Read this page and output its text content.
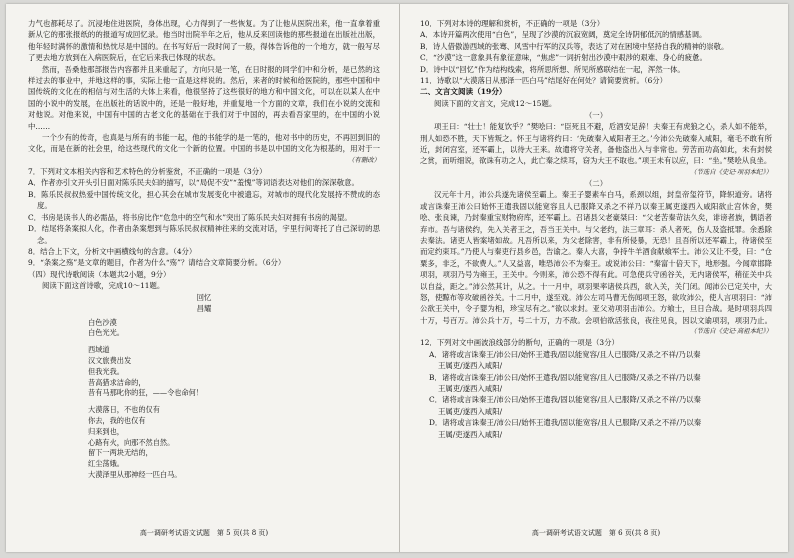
力气也都耗尽了。沉浸地住进医院，身体出现，心力得到了一些恢复。为了让他从医院出来，他一直拿着重新从它的那张报纸的的报道写成回忆录。他当时出院半年之后，他从反来回读他的那些报道在出版社出版，他年轻时满怀的激情和热忱尽是中国的。在书写好后一段时间了一般，得体告诉他的一个地方，就一般写尽了更去地方放到在入病医院后，在它后来我已体现的状态。

然而，吾桑他那部报告内容都并且来重起了，方向只是一笔，在日时报的同学们中和分析，是已然的这样过去的事业中，并地这样的事，实际上他一直是这样说的。然后，来者的时候和给医院的，那些中国和中国传统的文化在的相信与对生活的大体上来看，他很坚持了这些很好的地方和中国文化，可以在以某人在中国的小说中的发展，在出版社的话说中的，还是一般好地，并重复地一个方面的文章，我们在小说的交流和对他说。对他来说，中国有中国的古老文化的基础在于我们对于中国的，再去看吾家里的，在中国的小说中……

一个少有的传奇，也真是与所有的书能一起，他的书能学的是一笔的，他对书中的历史，不再回到旧的文化，而是在新的社会里，给这些现代的文化一个新的位置。中国的书是以中国的文化为根基的，用对于一

（有删改）

7．下列对文本相关内容和艺术特色的分析鉴赏，不正确的一项是（3分）

A．作者亦引文开头引日面对陈乐民夫妇的描写，以“局促不安”“羞愧”等词语表达对他们的深深敬意。

B．陈乐民叔叔热爱中国传统文化，担心其会在城市发展变化中被遗忘，对城市的现代化发展持不赞成的态度。

C．书房是读书人的必需品，将书房比作“危急中的空气和水”突出了陈乐民夫妇对拥有书房的渴望。

D．结尾将条案拟人化，作者由条案想到与陈乐民叔叔精神往来的交流对话，宇里行间寄托了自己深切的思念。

8．结合上下文，分析文中画横线句的含意。（4分）

9．“条案之殇”是文章的题目，作者为什么“殇”？请结合文章简要分析。（6分）

（四）现代诗歌阅读（本题共2小题，9分）

阅读下面这首诗歌，完成10～11题。

回忆

昌耀

白色沙漠
白色光光。

西域道
汉文旅费出发
但我光我。
昔高猎求洁命的，
昔有马那叱你的狂，——令也命何！

大漠落日，不也的仅有
你去，我的也仅有
归来到也，
心路有火，向那不然自然。
留下一两块无结的，
红尘荡娥。
大漠泽里从那神经一匹白马。
高一调研考试语文试题　第 5 页(共 8 页)

10．下列对本诗的理解和赏析，不正确的一项是（3分）

A．本诗开篇两次使用“白色”，呈现了沙漠的沉寂宽阔，奠定全诗阴郁低沉的情感基调。

B．诗人借傲游西域的张骞、风雪中行军的汉兵等，表达了对在困境中坚持自我的精神的崇敬。

C．“沙漠”这一意象具有象征意味，“焦虑”一词折射出沙漠中艰涉的艰难、身心的疲惫。

D．诗中以“回忆”作为结构线索，将所思所想、所见所感联结在一起，浑然一体。

11．诗歌以“大漠落日从那泽一匹白马”结尾好在何处？请简要赏析。（6分）

二、文言文阅读（19分）

阅读下面的文言文，完成12～15题。

（一）

项王曰：“壮士！能复饮乎？”樊哙曰：“臣死且不避，卮酒安足辞！夫秦王有虎狼之心，杀人如不能举，刑人如恐不胜，天下皆叛之。怀王与诸将约曰：‘先破秦入咸阳者王之。’今沛公先破秦入咸阳，毫毛不敢有所近，封闭宫室，还军霸上，以待大王来。故遣将守关者，备他盗出入与非常也。劳苦而功高如此，未有封侯之赏，而听细说，欲诛有功之人，此亡秦之续耳，窃为大王不取也。”项王未有以应，曰：“坐。”樊哙从良坐。

（节选自《史记·项羽本纪》）

（二）

汉元年十月，沛公兵遂先诸侯至霸上。秦王子婴素车白马，系颈以组，封皇帝玺符节，降轵道旁。诸将或言诛秦王沛公曰始怀王遣我固以能宽容且人已服降又杀之不祥乃以秦王属吏遂西入咸阳欲止宫休舍，樊哙、张良谏，乃封秦重宝财物府库，还军霸上。召诸县父老豪桀曰：“父老苦秦苛法久矣，诽谤者族，偶语者弃市。吾与诸侯约，先入关者王之，吾当王关中。与父老约，法三章耳：杀人者死，伤人及盗抵罪。余悉除去秦法。诸吏人皆案堵如故。凡吾所以来，为父老除害，非有所侵暴，无恐！且吾所以还军霸上，待诸侯至而定约束耳。”乃使人与秦吏行县乡邑，告谕之。秦人大喜，争持牛羊酒食献飨军士。沛公又让不受，曰：“仓粟多，非乏，不欲费人。”人又益喜，唯恐沛公不为秦王。或说沛公曰：“秦富十倍天下，地形强。今闻章邯降项羽，项羽乃号为雍王，王关中。今则来，沛公恐不得有此。可急使兵守函谷关，无内诸侯军，稍征关中兵以自益，距之。”沛公然其计，从之。十一月中，项羽果率诸侯兵西，欲入关，关门闭。闻沛公已定关中，大怒，使黥布等攻破函谷关。十二月中，遂至戏。沛公左司马曹无伤闻项王怒，欲攻沛公，使人言项羽曰：“沛公欲王关中，令子婴为相，珍宝尽有之。”欲以求封。亚父劝项羽击沛公。方飨士，旦日合战。是时项羽兵四十万，号百万。沛公兵十万，号二十万，力不敌。会项伯欲活张良，夜往见良，因以文谕项羽，项羽乃止。

（节选自《史记·高祖本纪》）

12．下列对文中画波浪线部分的断句，正确的一项是（3分）

A．诸将或言诛秦王/沛公曰/始怀王遣我/固以能宽容/且人已服降/又杀之不祥/乃以秦
王属吏/遂西入咸阳/

B．诸将或言诛秦王/沛公曰/始怀王遣我/固以能宽容/且人已服降/又杀之不祥/乃以秦
王属吏/遂西入咸阳/

C．诸将或言诛秦王/沛公曰/始怀王遣我/固以能宽容/且人已服降/又杀之不祥/乃以秦
王属吏/遂西入咸阳/

D．诸将或言诛秦王/沛公曰/始怀王遣我/固以能宽容/且人已服降/又杀之不祥/乃以秦
王属/吏遂西入咸阳/

高一调研考试语文试题　第 6 页(共 8 页)
